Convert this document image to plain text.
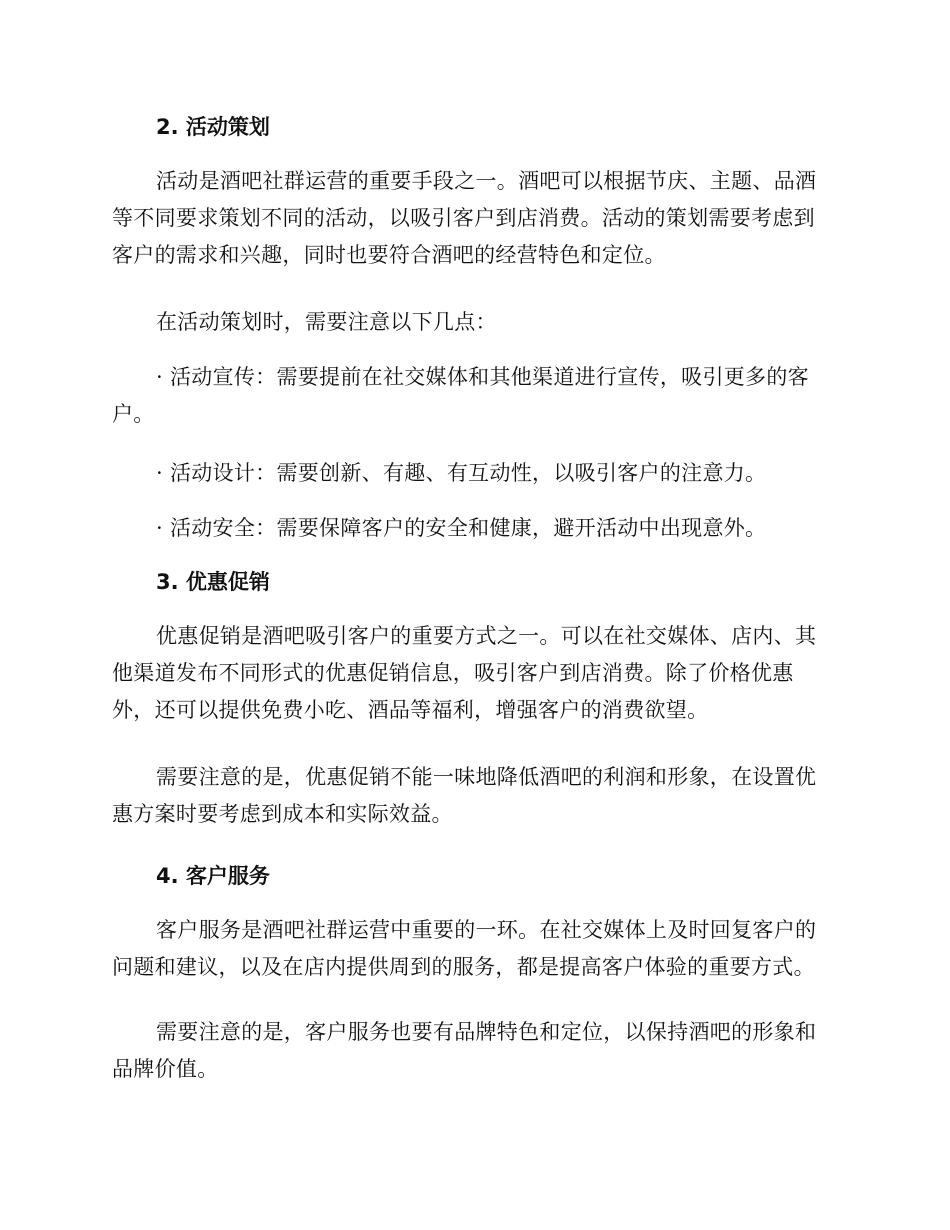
2. 活动策划
活动是酒吧社群运营的重要手段之一。酒吧可以根据节庆、主题、品酒等不同要求策划不同的活动，以吸引客户到店消费。活动的策划需要考虑到客户的需求和兴趣，同时也要符合酒吧的经营特色和定位。
在活动策划时，需要注意以下几点：
· 活动宣传：需要提前在社交媒体和其他渠道进行宣传，吸引更多的客户。
· 活动设计：需要创新、有趣、有互动性，以吸引客户的注意力。
· 活动安全：需要保障客户的安全和健康，避开活动中出现意外。
3. 优惠促销
优惠促销是酒吧吸引客户的重要方式之一。可以在社交媒体、店内、其他渠道发布不同形式的优惠促销信息，吸引客户到店消费。除了价格优惠外，还可以提供免费小吃、酒品等福利，增强客户的消费欲望。
需要注意的是，优惠促销不能一味地降低酒吧的利润和形象，在设置优惠方案时要考虑到成本和实际效益。
4. 客户服务
客户服务是酒吧社群运营中重要的一环。在社交媒体上及时回复客户的问题和建议，以及在店内提供周到的服务，都是提高客户体验的重要方式。
需要注意的是，客户服务也要有品牌特色和定位，以保持酒吧的形象和品牌价值。
